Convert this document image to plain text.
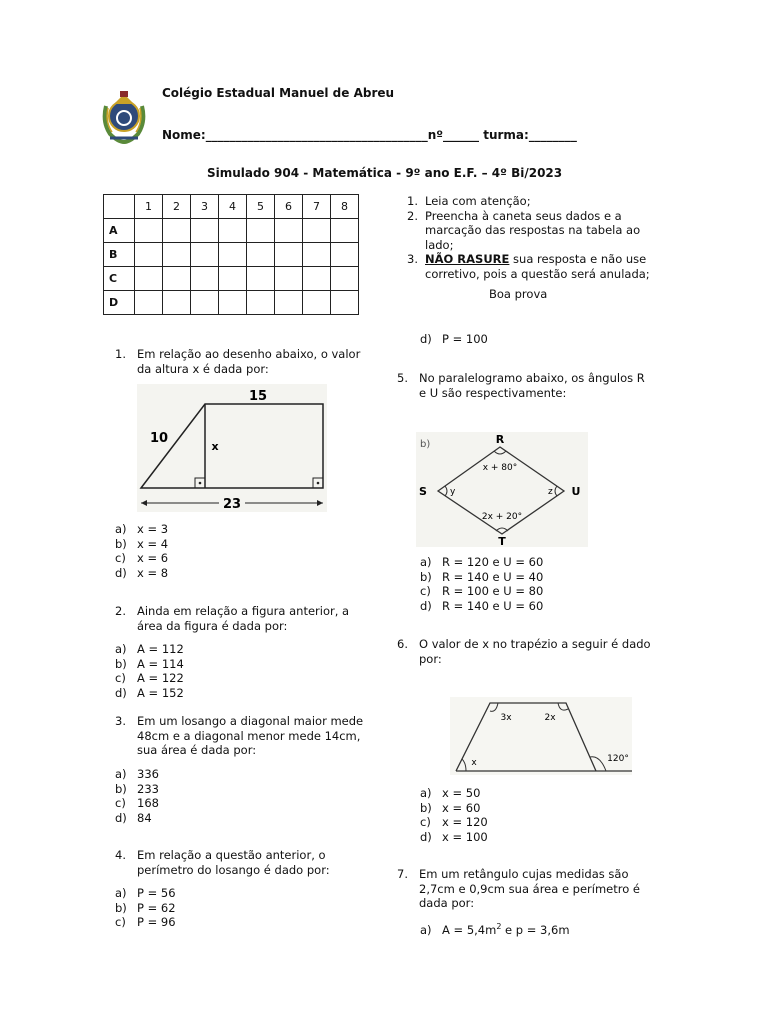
Colégio Estadual Manuel de Abreu
Nome:_____________________________________nº______ turma:________
Simulado 904 - Matemática - 9º ano E.F. – 4º Bi/2023
	1	2	3	4	5	6	7	8
A								
B								
C								
D								
1. Leia com atenção;
2. Preencha à caneta seus dados e a
marcação das respostas na tabela ao
lado;
3. NÃO RASURE sua resposta e não use
corretivo, pois a questão será anulada;
Boa prova
1. Em relação ao desenho abaixo, o valor
da altura x é dada por:
15
10
x
23
a) x = 3
b) x = 4
c) x = 6
d) x = 8
2. Ainda em relação a figura anterior, a
área da figura é dada por:
a) A = 112
b) A = 114
c) A = 122
d) A = 152
3. Em um losango a diagonal maior mede
48cm e a diagonal menor mede 14cm,
sua área é dada por:
a) 336
b) 233
c) 168
d) 84
4. Em relação a questão anterior, o
perímetro do losango é dado por:
a) P = 56
b) P = 62
c) P = 96
d) P = 100
5. No paralelogramo abaixo, os ângulos R
e U são respectivamente:
b)	R
S
T
U
x + 80°
2x + 20°
y	z
a) R = 120 e U = 60
b) R = 140 e U = 40
c) R = 100 e U = 80
d) R = 140 e U = 60
6. O valor de x no trapézio a seguir é dado
por:
3x	2x
x	120°
a) x = 50
b) x = 60
c) x = 120
d) x = 100
7. Em um retângulo cujas medidas são
2,7cm e 0,9cm sua área e perímetro é
dada por:
a) $A = 5,4m^2$ e p = 3,6m
